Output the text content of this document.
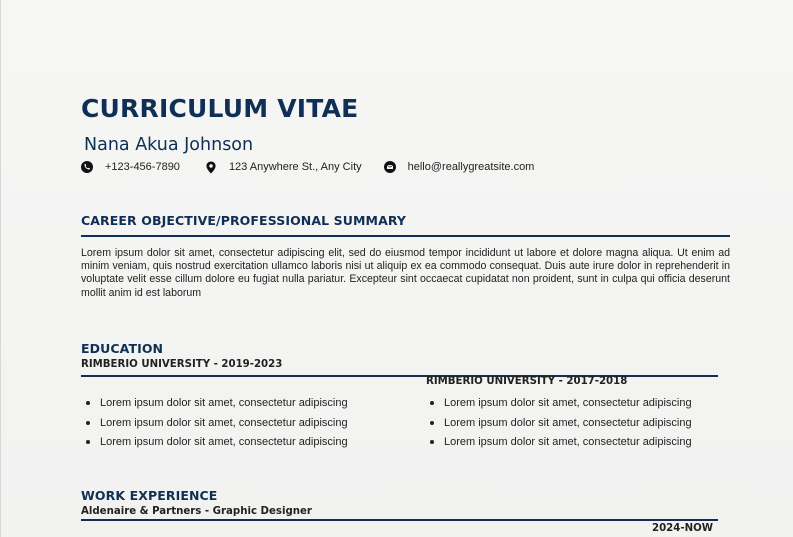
CURRICULUM VITAE
Nana Akua Johnson
+123-456-7890	123 Anywhere St., Any City	hello@reallygreatsite.com
CAREER OBJECTIVE/PROFESSIONAL SUMMARY
Lorem ipsum dolor sit amet, consectetur adipiscing elit, sed do eiusmod tempor incididunt ut labore et dolore magna aliqua. Ut enim ad minim veniam, quis nostrud exercitation ullamco laboris nisi ut aliquip ex ea commodo consequat. Duis aute irure dolor in reprehenderit in voluptate velit esse cillum dolore eu fugiat nulla pariatur. Excepteur sint occaecat cupidatat non proident, sunt in culpa qui officia deserunt mollit anim id est laborum
EDUCATION
RIMBERIO UNIVERSITY - 2019-2023
RIMBERIO UNIVERSITY - 2017-2018
Lorem ipsum dolor sit amet, consectetur adipiscing
Lorem ipsum dolor sit amet, consectetur adipiscing
Lorem ipsum dolor sit amet, consectetur adipiscing
Lorem ipsum dolor sit amet, consectetur adipiscing
Lorem ipsum dolor sit amet, consectetur adipiscing
Lorem ipsum dolor sit amet, consectetur adipiscing
WORK EXPERIENCE
Aldenaire & Partners - Graphic Designer
2024-NOW
